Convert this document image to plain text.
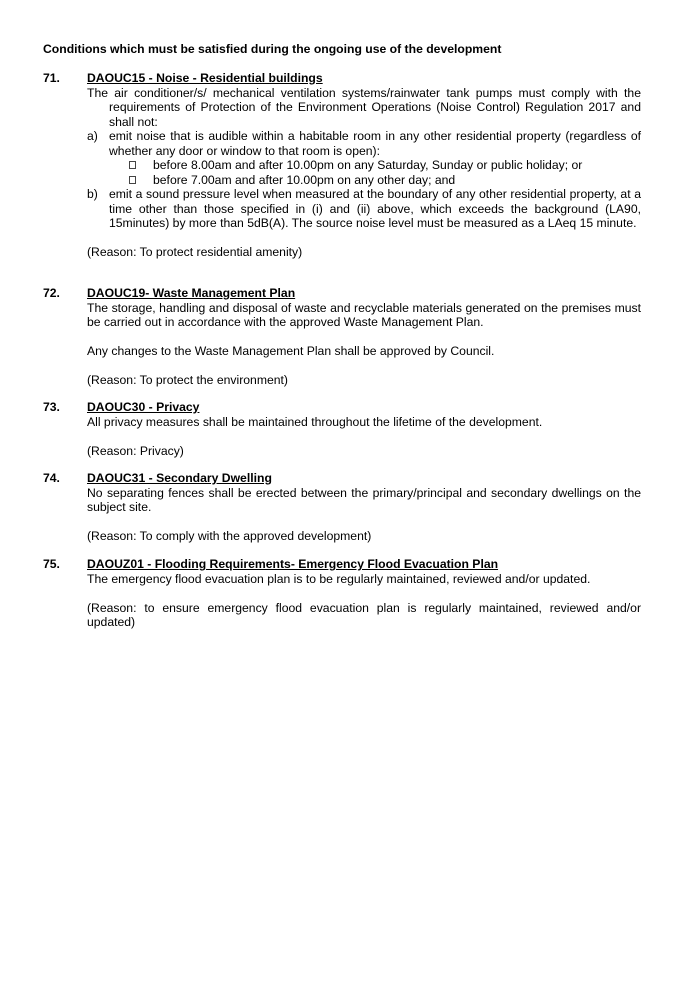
Conditions which must be satisfied during the ongoing use of the development
71. DAOUC15 - Noise - Residential buildings
The air conditioner/s/ mechanical ventilation systems/rainwater tank pumps must comply with the requirements of Protection of the Environment Operations (Noise Control) Regulation 2017 and shall not:
a) emit noise that is audible within a habitable room in any other residential property (regardless of whether any door or window to that room is open):
before 8.00am and after 10.00pm on any Saturday, Sunday or public holiday; or
before 7.00am and after 10.00pm on any other day; and
b) emit a sound pressure level when measured at the boundary of any other residential property, at a time other than those specified in (i) and (ii) above, which exceeds the background (LA90, 15minutes) by more than 5dB(A). The source noise level must be measured as a LAeq 15 minute.
(Reason: To protect residential amenity)
72. DAOUC19- Waste Management Plan
The storage, handling and disposal of waste and recyclable materials generated on the premises must be carried out in accordance with the approved Waste Management Plan.
Any changes to the Waste Management Plan shall be approved by Council.
(Reason: To protect the environment)
73. DAOUC30 - Privacy
All privacy measures shall be maintained throughout the lifetime of the development.
(Reason: Privacy)
74. DAOUC31 - Secondary Dwelling
No separating fences shall be erected between the primary/principal and secondary dwellings on the subject site.
(Reason: To comply with the approved development)
75. DAOUZ01 - Flooding Requirements- Emergency Flood Evacuation Plan
The emergency flood evacuation plan is to be regularly maintained, reviewed and/or updated.
(Reason: to ensure emergency flood evacuation plan is regularly maintained, reviewed and/or updated)
